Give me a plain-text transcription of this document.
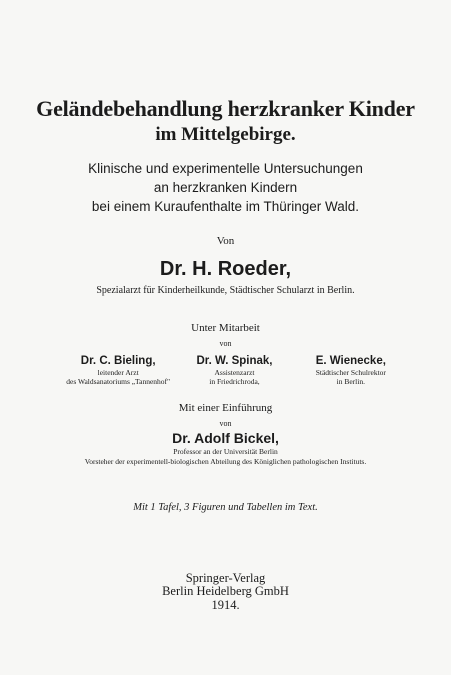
Geländebehandlung herzkranker Kinder
im Mittelgebirge.
Klinische und experimentelle Untersuchungen
an herzkranken Kindern
bei einem Kuraufenthalte im Thüringer Wald.
Von
Dr. H. Roeder,
Spezialarzt für Kinderheilkunde, Städtischer Schularzt in Berlin.
Unter Mitarbeit
von
Dr. C. Bieling,
leitender Arzt
des Waldsanatoriums „Tannenhof"
Dr. W. Spinak,
Assistenzarzt
in Friedrichroda,
E. Wienecke,
Städtischer Schulrektor
in Berlin.
Mit einer Einführung
von
Dr. Adolf Bickel,
Professor an der Universität Berlin
Vorsteher der experimentell-biologischen Abteilung des Königlichen pathologischen Instituts.
Mit 1 Tafel, 3 Figuren und Tabellen im Text.
Springer-Verlag
Berlin Heidelberg GmbH
1914.
